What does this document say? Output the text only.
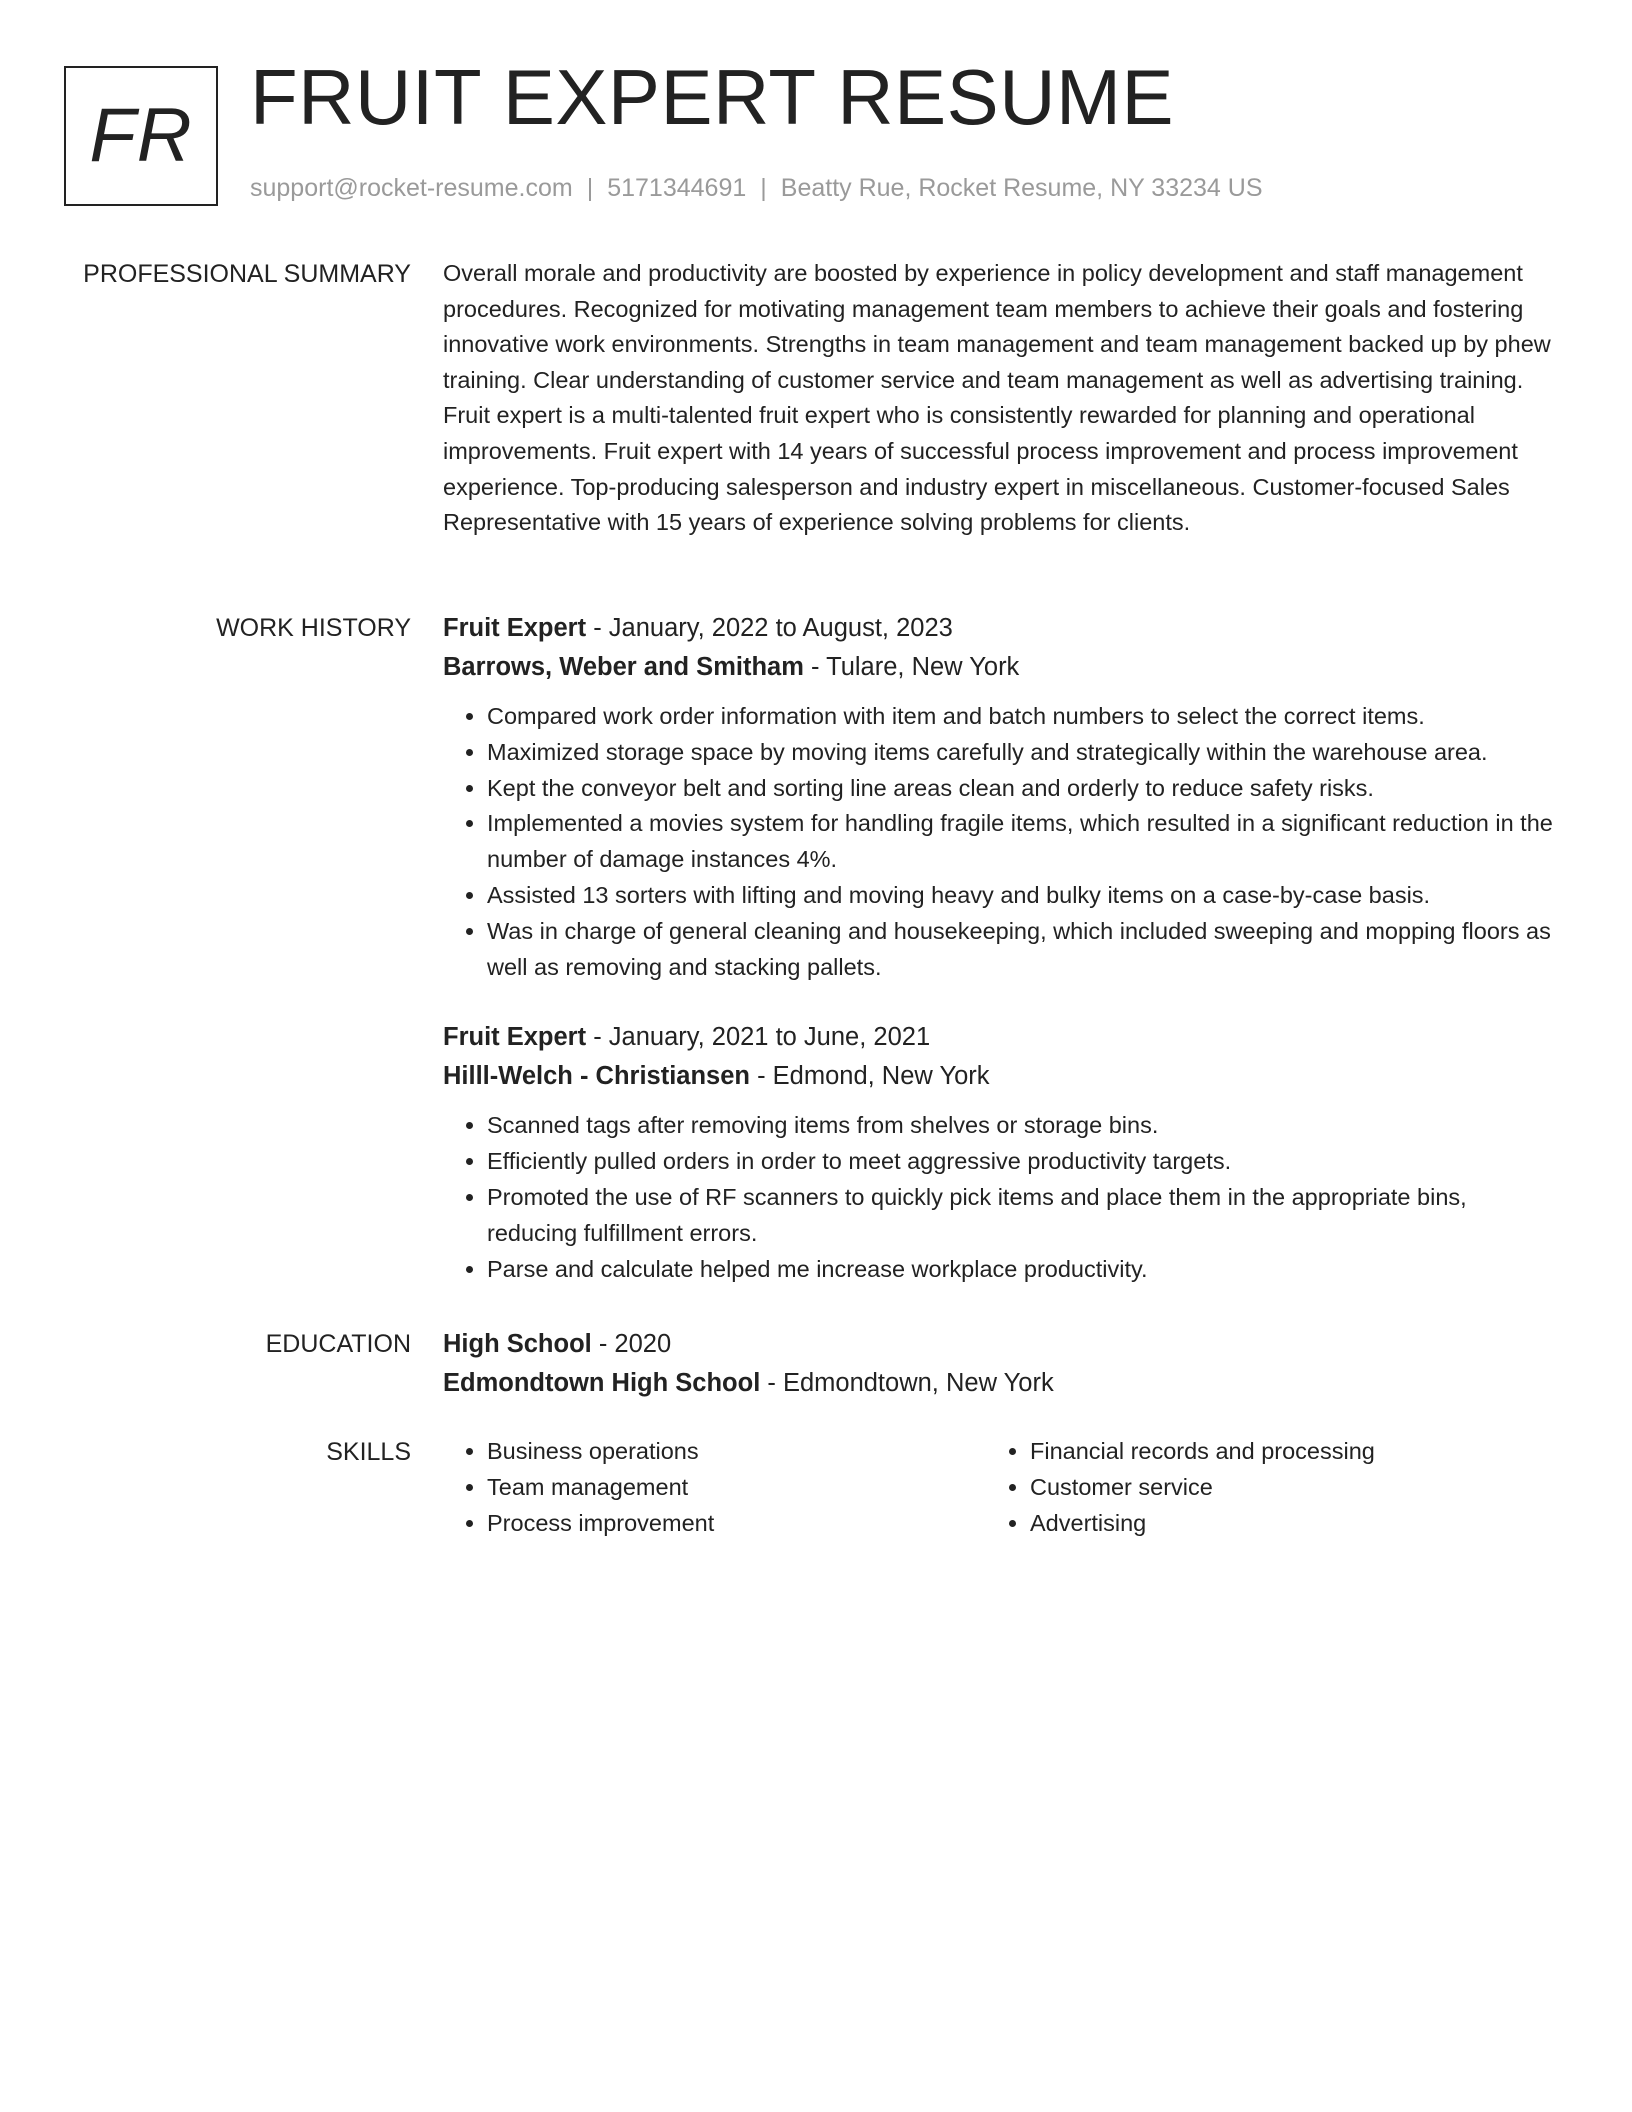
FR FRUIT EXPERT RESUME
support@rocket-resume.com | 5171344691 | Beatty Rue, Rocket Resume, NY 33234 US
PROFESSIONAL SUMMARY Overall morale and productivity are boosted by experience in policy development and staff management procedures. Recognized for motivating management team members to achieve their goals and fostering innovative work environments. Strengths in team management and team management backed up by phew training. Clear understanding of customer service and team management as well as advertising training. Fruit expert is a multi-talented fruit expert who is consistently rewarded for planning and operational improvements. Fruit expert with 14 years of successful process improvement and process improvement experience. Top-producing salesperson and industry expert in miscellaneous. Customer-focused Sales Representative with 15 years of experience solving problems for clients.

WORK HISTORY Fruit Expert - January, 2022 to August, 2023
Barrows, Weber and Smitham - Tulare, New York
• Compared work order information with item and batch numbers to select the correct items.
• Maximized storage space by moving items carefully and strategically within the warehouse area.
• Kept the conveyor belt and sorting line areas clean and orderly to reduce safety risks.
• Implemented a movies system for handling fragile items, which resulted in a significant reduction in the number of damage instances 4%.
• Assisted 13 sorters with lifting and moving heavy and bulky items on a case-by-case basis.
• Was in charge of general cleaning and housekeeping, which included sweeping and mopping floors as well as removing and stacking pallets.
Fruit Expert - January, 2021 to June, 2021
Hilll-Welch - Christiansen - Edmond, New York
• Scanned tags after removing items from shelves or storage bins.
• Efficiently pulled orders in order to meet aggressive productivity targets.
• Promoted the use of RF scanners to quickly pick items and place them in the appropriate bins, reducing fulfillment errors.
• Parse and calculate helped me increase workplace productivity.
EDUCATION High School - 2020
Edmondtown High School - Edmondtown, New York
SKILLS
•	Business operations
• Team management
• Process improvement
• Financial records and processing
• Customer service
• Advertising
